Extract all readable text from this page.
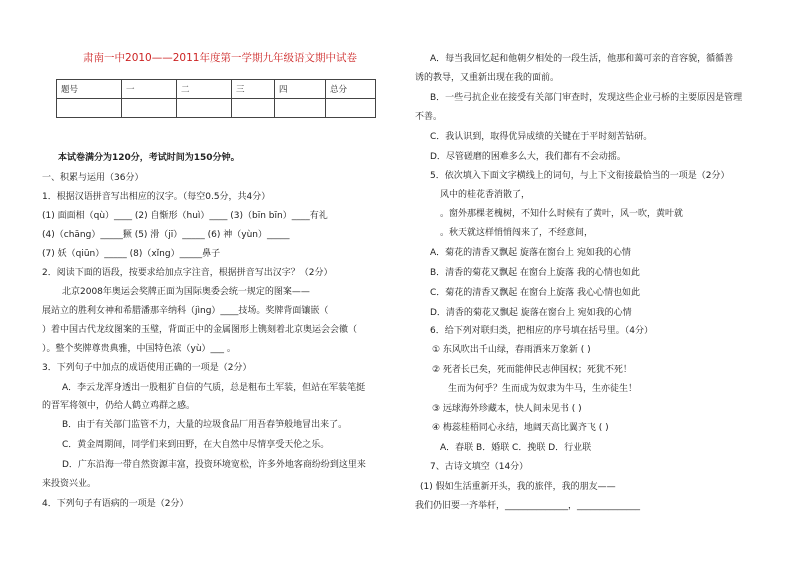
肃南一中2010——2011年度第一学期九年级语文期中试卷
题号	一	二	三	四	总分

本试卷满分为120分，考试时间为150分钟。
一、积累与运用（36分）
1．根据汉语拼音写出相应的汉字。（每空0.5分，共4分）
(1) 面面相（qù）____ (2) 自惭形（huì）____ (3)（bīn bīn）____有礼
(4)（chāng）_____獗 (5) 滑（jī）_____ (6) 神（yùn）_____
(7) 妖（qiūn）_____ (8)（xǐng）_____鼻子
2．阅读下面的语段，按要求给加点字注音，根据拼音写出汉字？（2分）
北京2008年奥运会奖牌正面为国际奥委会统一规定的图案——
展站立的胜利女神和希腊潘那辛纳科（jìng）____技场。奖牌背面镶嵌（
）着中国古代龙纹图案的玉璧，背面正中的金属图形上镌刻着北京奥运会会徽（
）。整个奖牌尊贵典雅，中国特色浓（yù）___ 。
3．下列句子中加点的成语使用正确的一项是（2分）
A．李云龙浑身透出一股粗犷自信的气质，总是粗布土军装，但站在军装笔挺
的晋军将领中，仍给人鹤立鸡群之感。
B．由于有关部门监管不力，大量的垃圾食品厂用吾春笋般地冒出来了。
C．黄金周期间，同学们来到田野，在大自然中尽情享受天伦之乐。
D．广东沿海一带自然资源丰富，投资环境宽松，许多外地客商纷纷到这里来
来投资兴业。
4．下列句子有语病的一项是（2分）
A．每当我回忆起和他朝夕相处的一段生活，他那和蔼可亲的音容貌，循循善
诱的教导，又重新出现在我的面前。
B．一些弓抗企业在接受有关部门审查时，发现这些企业弓桥的主要原因是管理
不善。
C．我认识到，取得优异成绩的关键在于平时刻苦钻研。
D．尽管磋磨的困难多么大，我们都有不会动摇。
5．依次填入下面文字横线上的词句，与上下文衔接最恰当的一项是（2分）
风中的桂花香消散了，
。窗外那棵老槐树，不知什么时候有了黄叶，风一吹，黄叶就
。秋天就这样悄悄闯来了，不经意间，
A．菊花的清香又飘起 旋落在窗台上 宛如我的心情
B．清香的菊花又飘起 在窗台上旋落 我的心情也如此
C．菊花的清香又飘起 在窗台上旋落 我心心情也如此
D．清香的菊花又飘起 旋落在窗台上 宛如我的心情
6．给下列对联归类，把相应的序号填在括号里。（4分）
① 东风吹出千山绿，春雨洒来万象新 ( )
② 死者长已矣，死而能伸民志伸国权；死犹不死！
生而为何乎？生而成为奴隶为牛马，生亦徒生！
③ 远球海外珍藏本，快人间未见书 ( )
④ 梅蕊桂梧同心永结，地阔天高比翼齐飞 ( )
A．春联 B．婚联 C．挽联 D．行业联
7、古诗文填空（14分）
(1) 假如生活重新开头，我的旅伴，我的朋友——
我们仍旧要一齐举杆，______________，______________
